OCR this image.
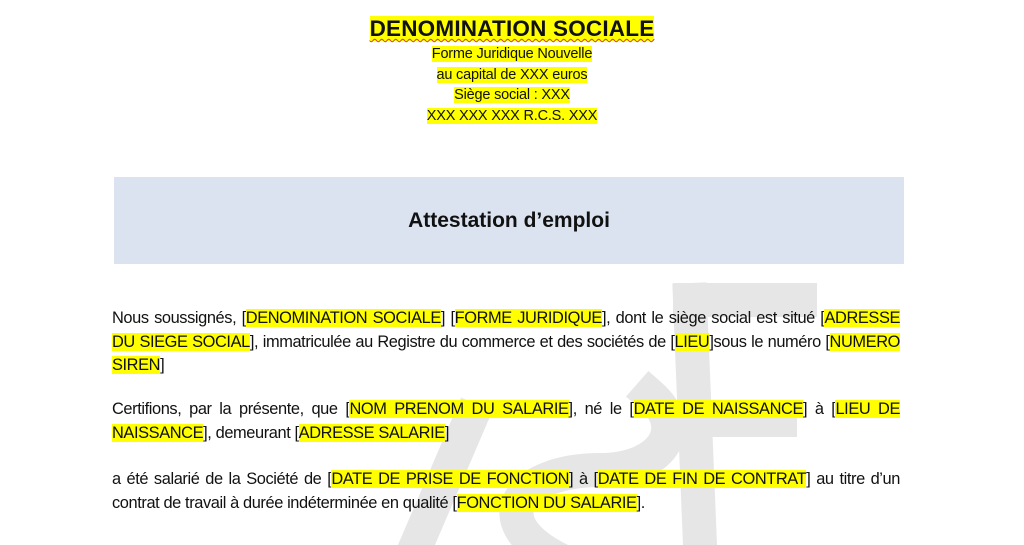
DENOMINATION SOCIALE
Forme Juridique Nouvelle
au capital de XXX euros
Siège social : XXX
XXX XXX XXX R.C.S. XXX
Attestation d’emploi

Nous soussignés, [DENOMINATION SOCIALE] [FORME JURIDIQUE], dont le siège social est situé [ADRESSE DU SIEGE SOCIAL], immatriculée au Registre du commerce et des sociétés de [LIEU]sous le numéro [NUMERO SIREN]

Certifions, par la présente, que [NOM PRENOM DU SALARIE], né le [DATE DE NAISSANCE] à [LIEU DE NAISSANCE], demeurant [ADRESSE SALARIE]

a été salarié de la Société de [DATE DE PRISE DE FONCTION] à [DATE DE FIN DE CONTRAT] au titre d’un contrat de travail à durée indéterminée en qualité [FONCTION DU SALARIE].
